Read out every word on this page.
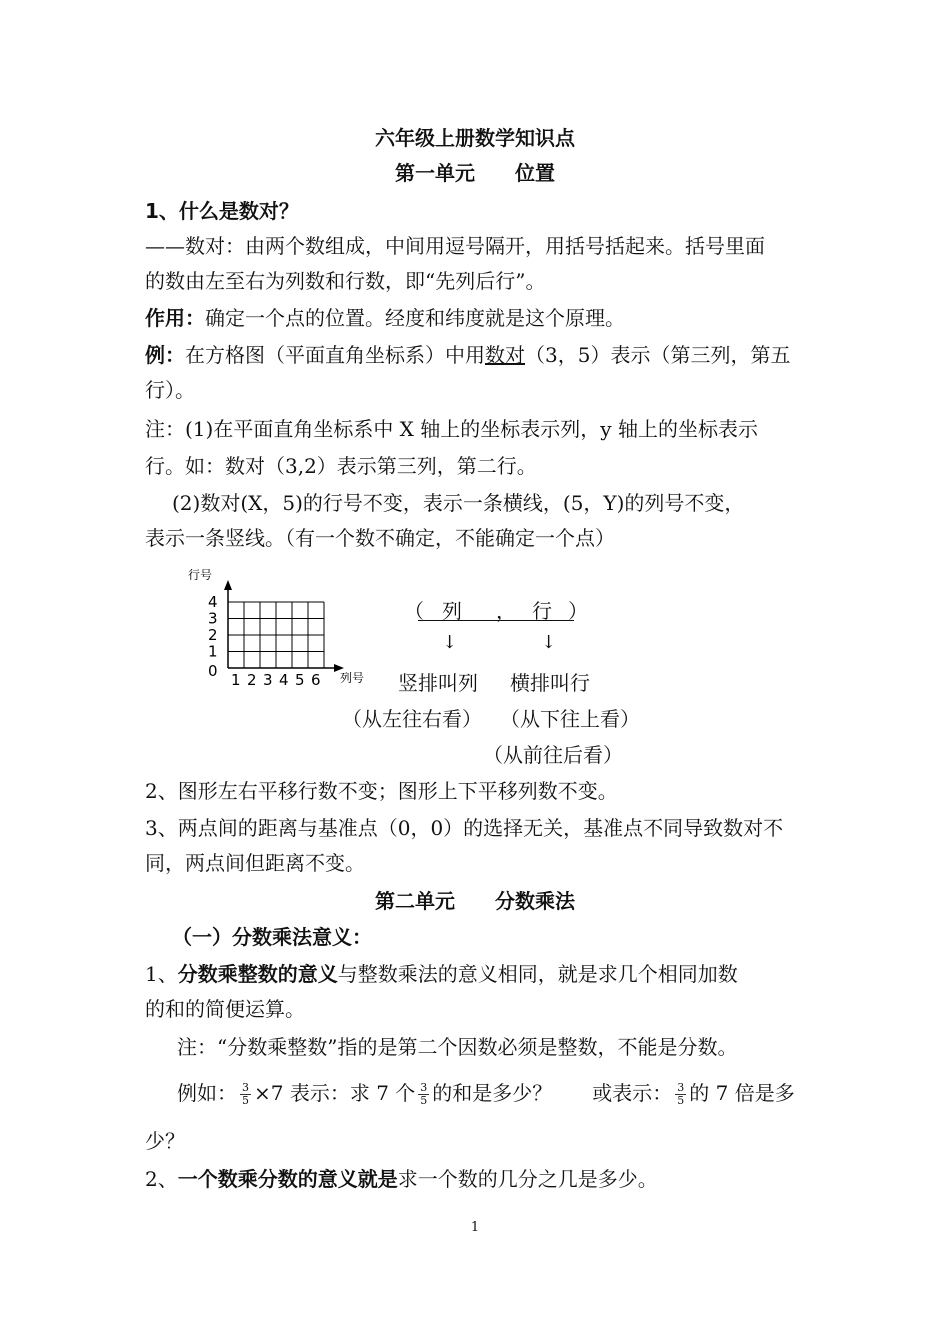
六年级上册数学知识点
第一单元　　位置
1、什么是数对？
——数对：由两个数组成，中间用逗号隔开，用括号括起来。括号里面
的数由左至右为列数和行数，即“先列后行”。
作用：确定一个点的位置。经度和纬度就是这个原理。
例：在方格图（平面直角坐标系）中用数对（3，5）表示（第三列，第五
行）。
注：(1)在平面直角坐标系中 X 轴上的坐标表示列，y 轴上的坐标表示
行。如：数对（3,2）表示第三列，第二行。
(2)数对(X，5)的行号不变，表示一条横线，(5，Y)的列号不变，
表示一条竖线。（有一个数不确定，不能确定一个点）
行号
4
3
2
1
0 1 2 3 4 5 6 列号
（ 列 ， 行 ）
↓	↓
竖排叫列 横排叫行
（从左往右看） （从下往上看）
（从前往后看）
2、图形左右平移行数不变；图形上下平移列数不变。
3、两点间的距离与基准点（0，0）的选择无关，基准点不同导致数对不
同，两点间但距离不变。
第二单元　　分数乘法
（一）分数乘法意义：
1、分数乘整数的意义与整数乘法的意义相同，就是求几个相同加数
的和的简便运算。
注：“分数乘整数”指的是第二个因数必须是整数，不能是分数。
例如： $\frac{3}{5} \times 7$ 表示：求 7 个 $\frac{3}{5}$ 的和是多少？　　或表示： $\frac{3}{5}$ 的 7 倍是多
少？
2、一个数乘分数的意义就是求一个数的几分之几是多少。
1
